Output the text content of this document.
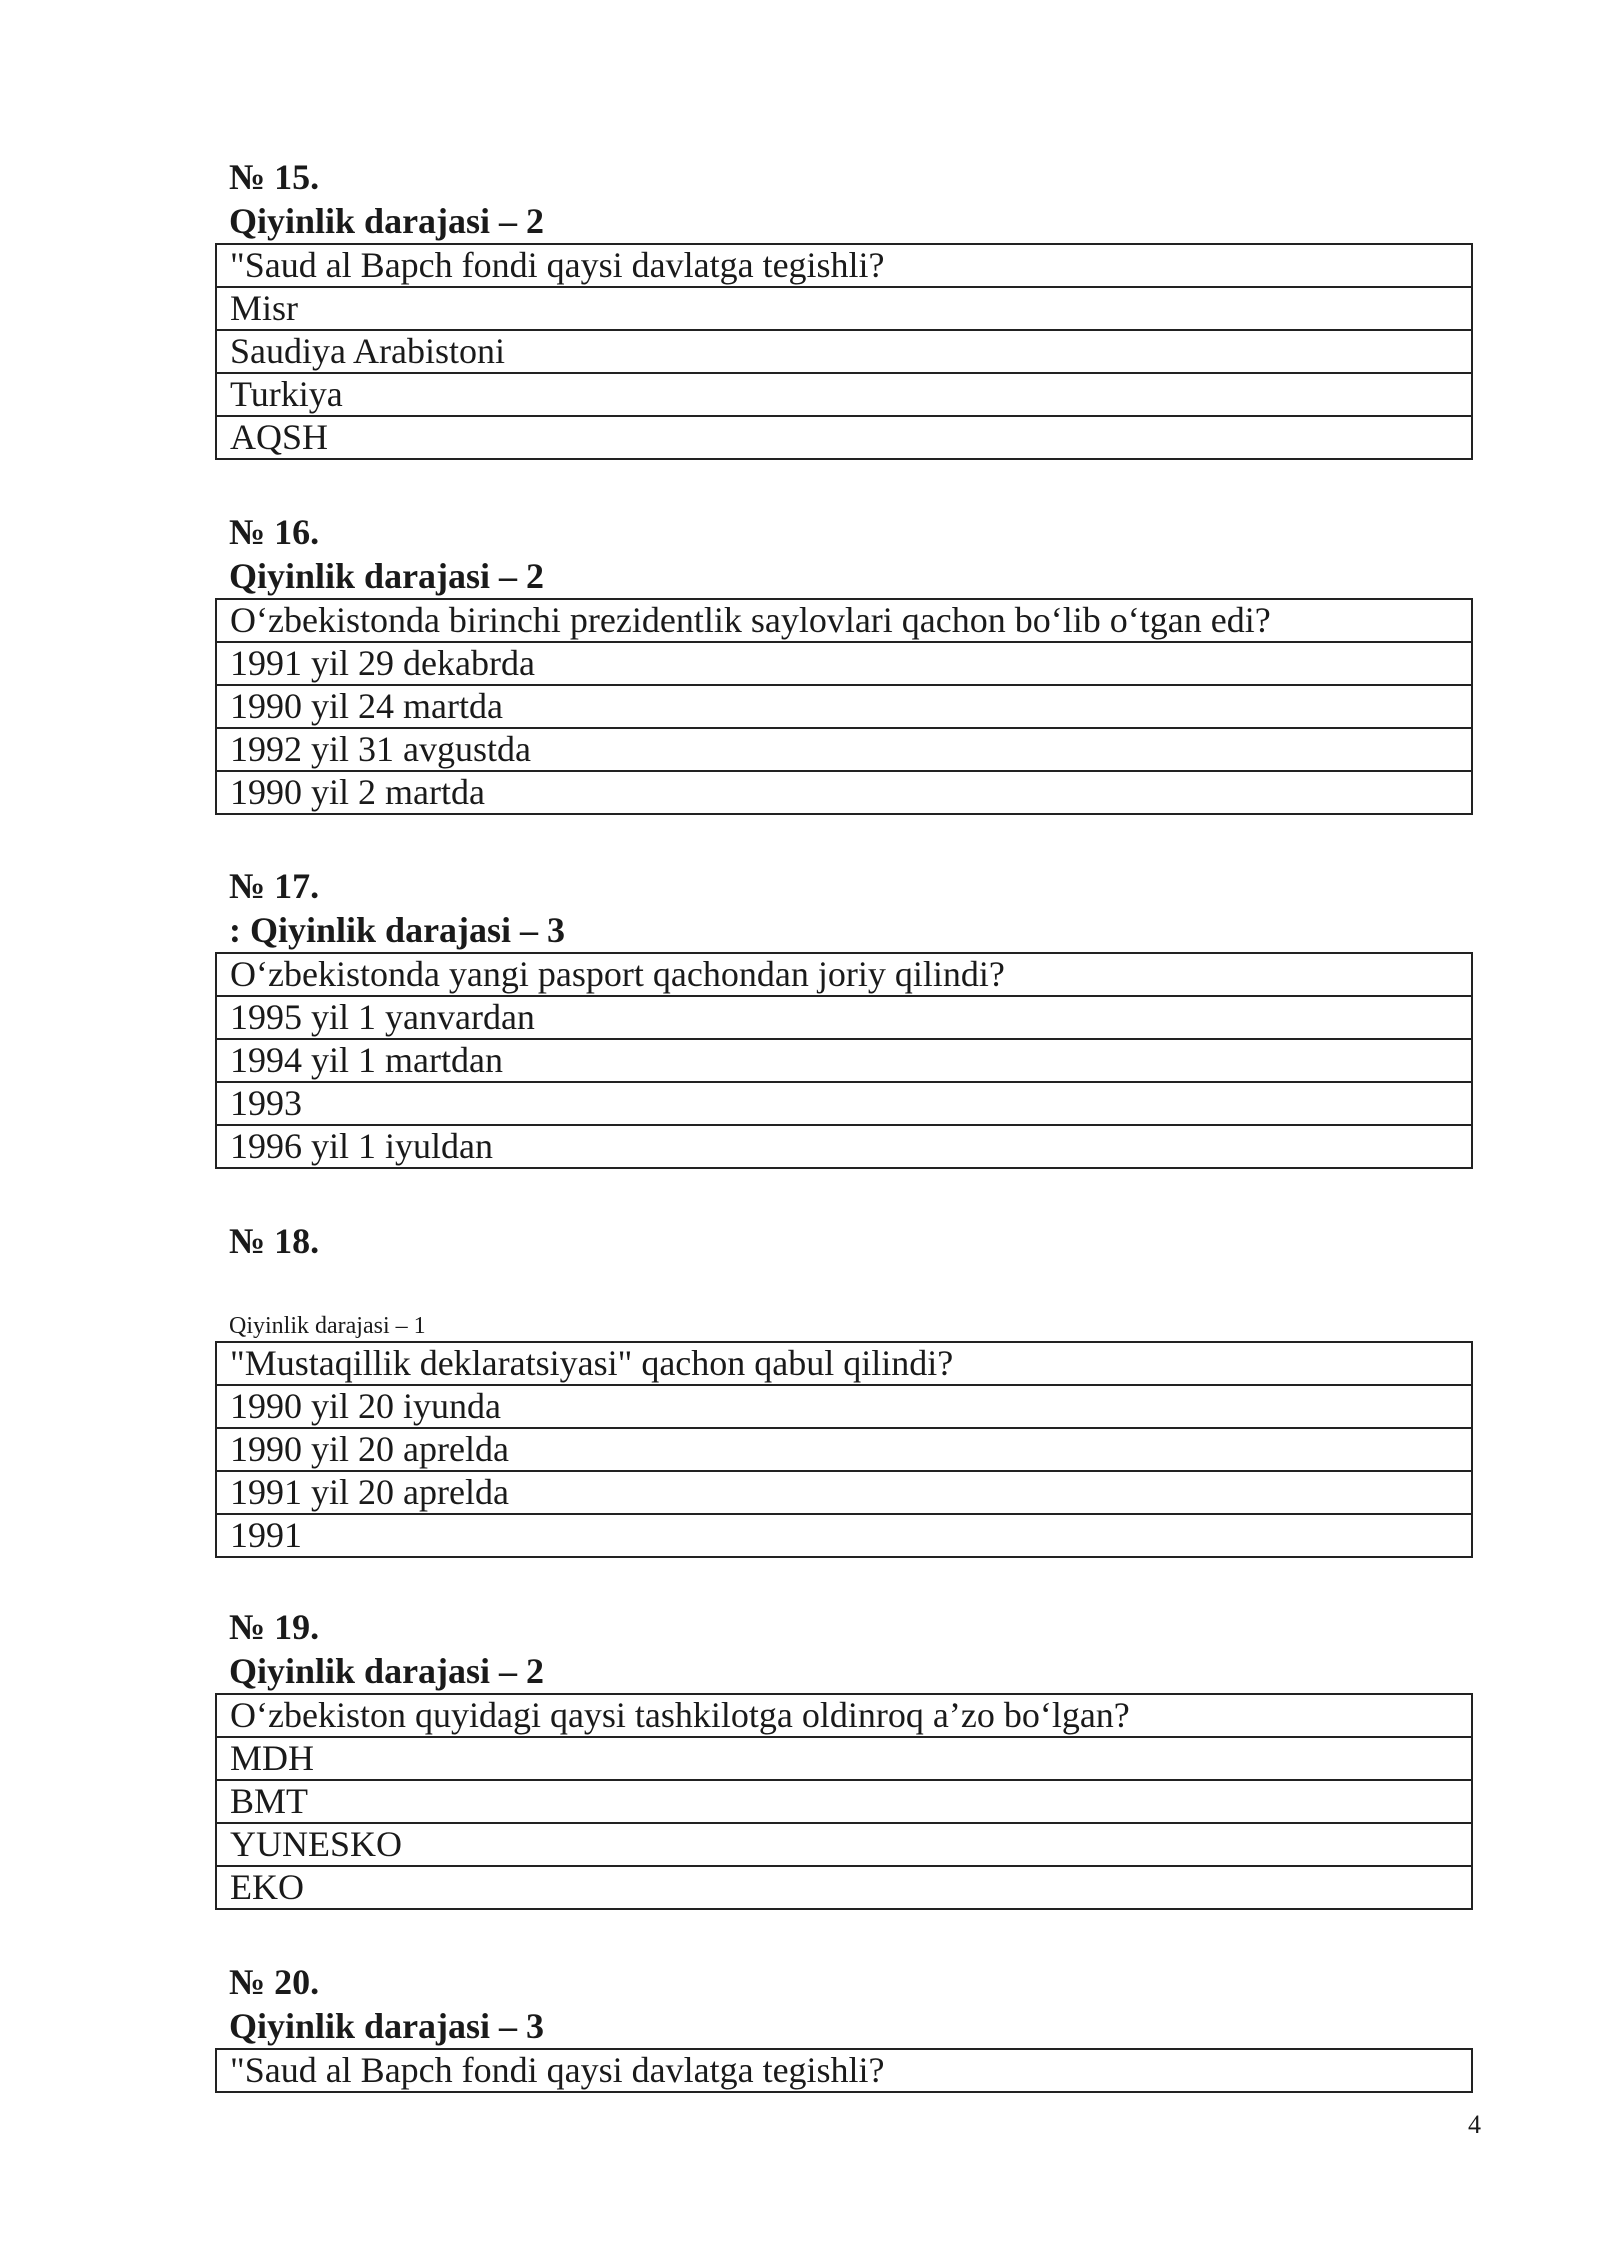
№ 15.
Qiyinlik darajasi – 2
"Saud al Bapch fondi qaysi davlatga tegishli?
Misr
Saudiya Arabistoni
Turkiya
AQSH
№ 16.
Qiyinlik darajasi – 2
O‘zbekistonda birinchi prezidentlik saylovlari qachon bo‘lib o‘tgan edi?
1991 yil 29 dekabrda
1990 yil 24 martda
1992 yil 31 avgustda
1990 yil 2 martda
№ 17.
: Qiyinlik darajasi – 3
O‘zbekistonda yangi pasport qachondan joriy qilindi?
1995 yil 1 yanvardan
1994 yil 1 martdan
1993
1996 yil 1 iyuldan
№ 18.
Qiyinlik darajasi – 1
"Mustaqillik deklaratsiyasi" qachon qabul qilindi?
1990 yil 20 iyunda
1990 yil 20 aprelda
1991 yil 20 aprelda
1991
№ 19.
Qiyinlik darajasi – 2
O‘zbekiston quyidagi qaysi tashkilotga oldinroq a’zo bo‘lgan?
MDH
BMT
YUNESKO
EKO
№ 20.
Qiyinlik darajasi – 3
"Saud al Bapch fondi qaysi davlatga tegishli?
4
